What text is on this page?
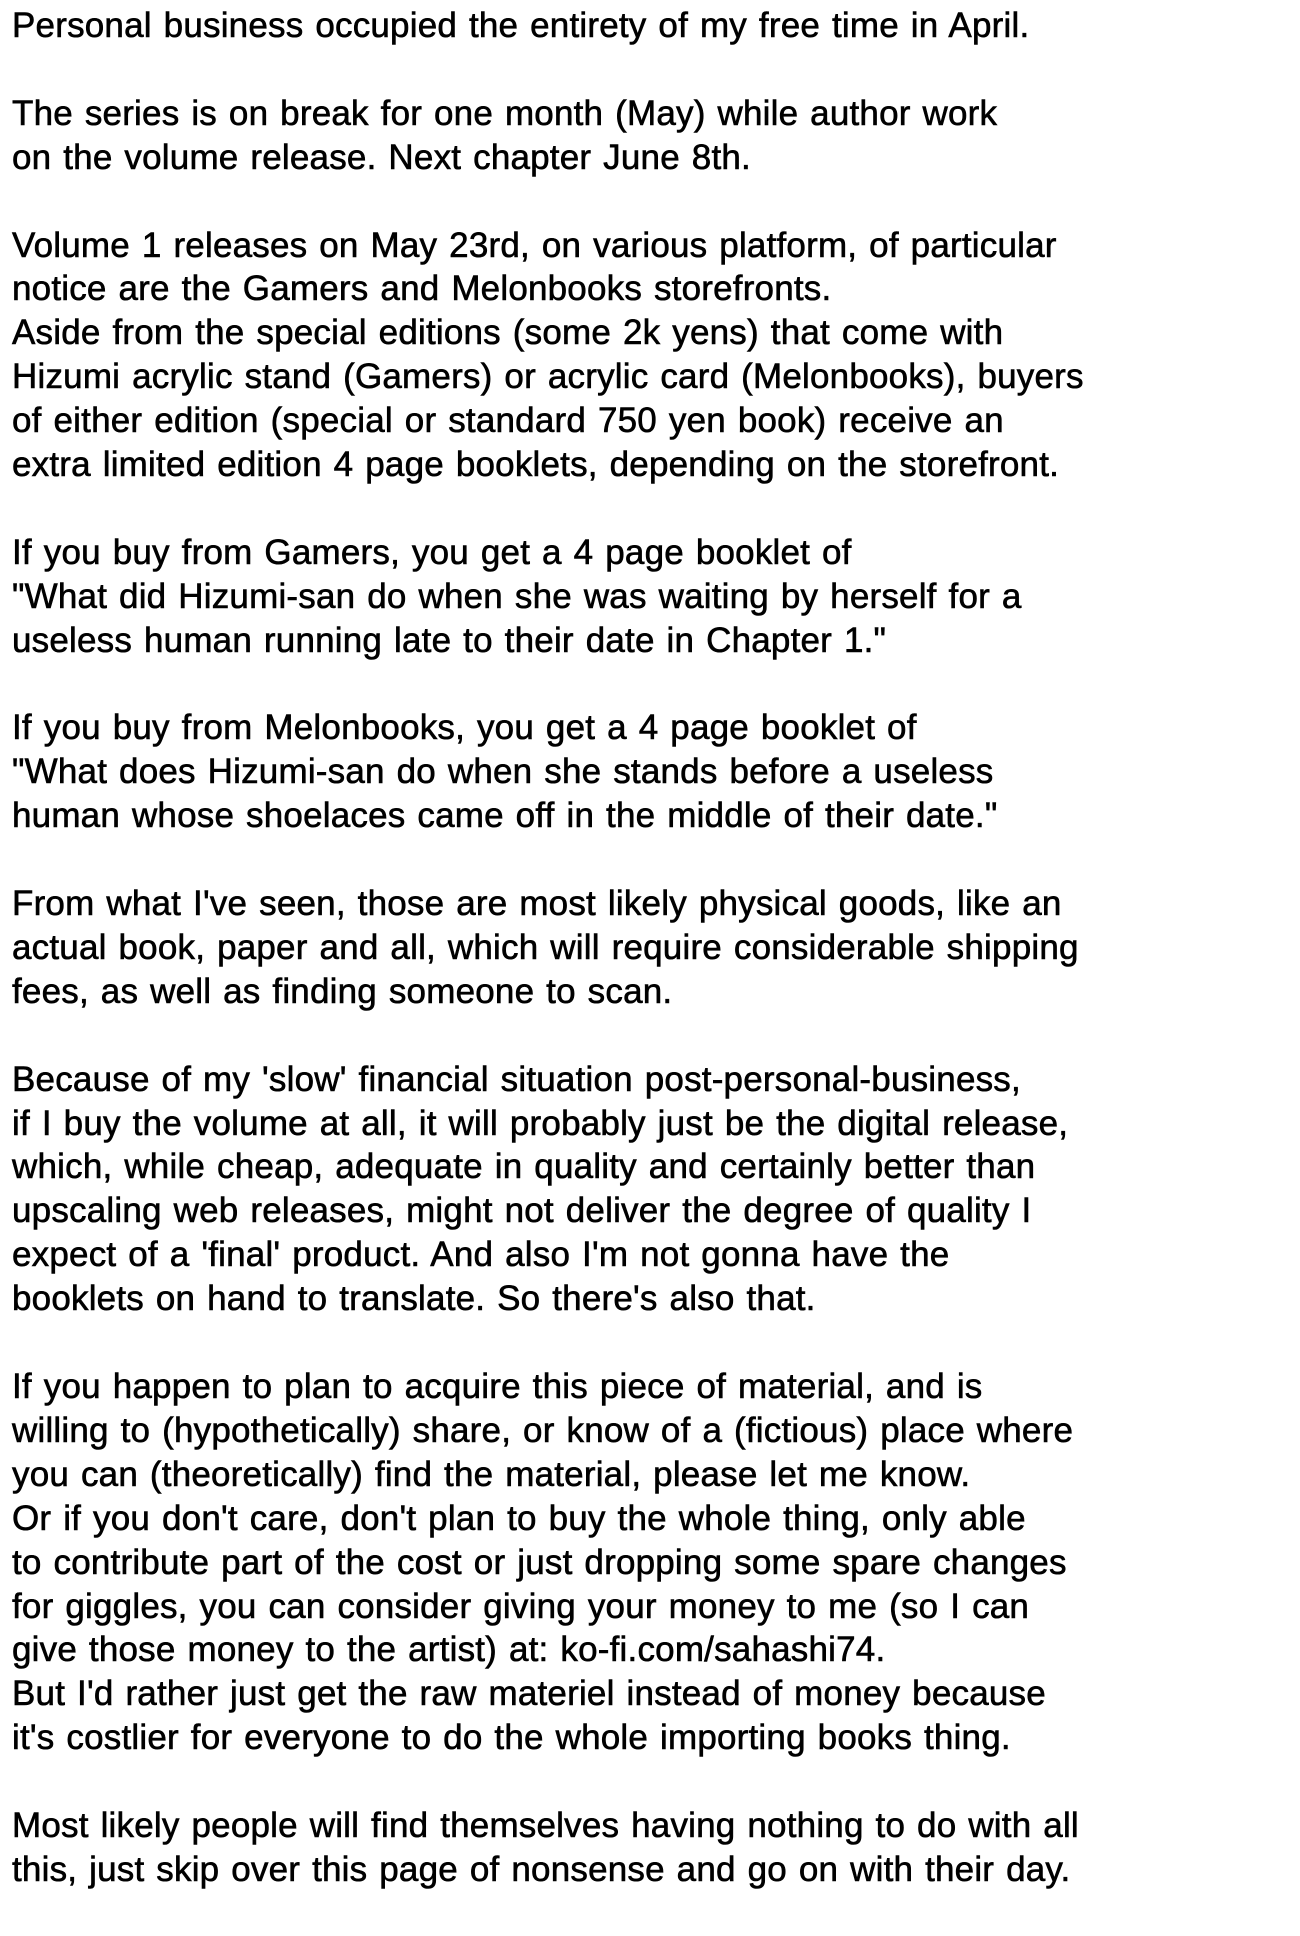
Personal business occupied the entirety of my free time in April.

The series is on break for one month (May) while author work
on the volume release. Next chapter June 8th.

Volume 1 releases on May 23rd, on various platform, of particular
notice are the Gamers and Melonbooks storefronts.
Aside from the special editions (some 2k yens) that come with
Hizumi acrylic stand (Gamers) or acrylic card (Melonbooks), buyers
of either edition (special or standard 750 yen book) receive an
extra limited edition 4 page booklets, depending on the storefront.

If you buy from Gamers, you get a 4 page booklet of
"What did Hizumi-san do when she was waiting by herself for a
useless human running late to their date in Chapter 1."

If you buy from Melonbooks, you get a 4 page booklet of
"What does Hizumi-san do when she stands before a useless
human whose shoelaces came off in the middle of their date."

From what I've seen, those are most likely physical goods, like an
actual book, paper and all, which will require considerable shipping
fees, as well as finding someone to scan.

Because of my 'slow' financial situation post-personal-business,
if I buy the volume at all, it will probably just be the digital release,
which, while cheap, adequate in quality and certainly better than
upscaling web releases, might not deliver the degree of quality I
expect of a 'final' product. And also I'm not gonna have the
booklets on hand to translate. So there's also that.

If you happen to plan to acquire this piece of material, and is
willing to (hypothetically) share, or know of a (fictious) place where
you can (theoretically) find the material, please let me know.
Or if you don't care, don't plan to buy the whole thing, only able
to contribute part of the cost or just dropping some spare changes
for giggles, you can consider giving your money to me (so I can
give those money to the artist) at: ko-fi.com/sahashi74.
But I'd rather just get the raw materiel instead of money because
it's costlier for everyone to do the whole importing books thing.

Most likely people will find themselves having nothing to do with all
this, just skip over this page of nonsense and go on with their day.
